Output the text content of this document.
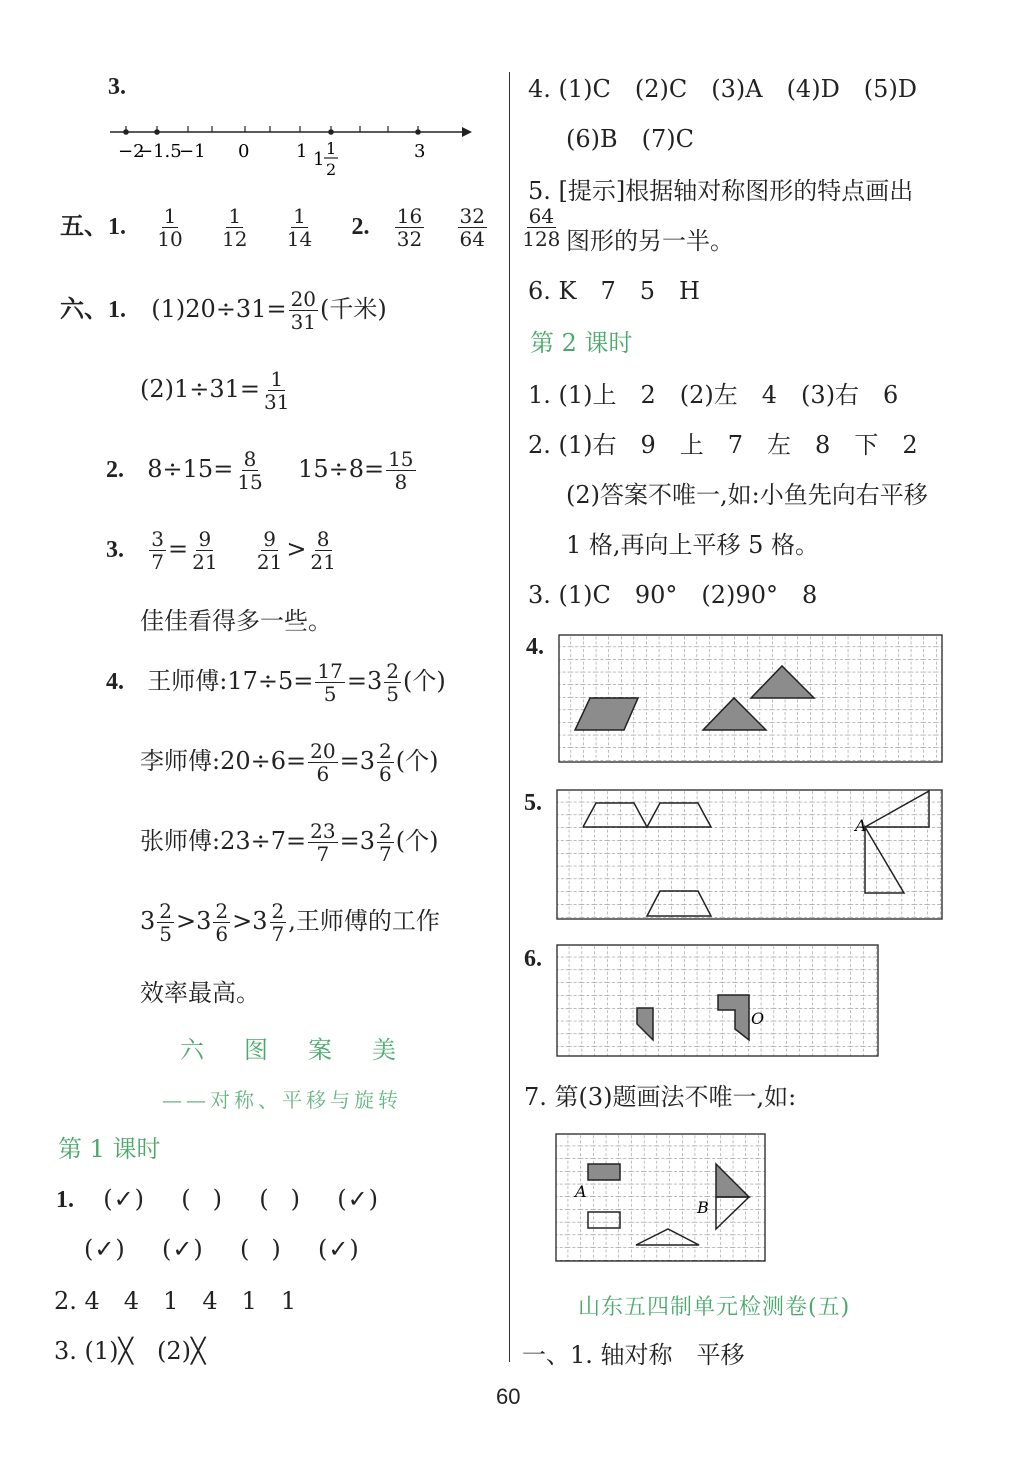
3.
−2
−1.5
−1 0	1 1
1
2
3
五、1. $\frac{1}{10}$
$\frac{1}{12}$
$\frac{1}{14} 2$. $\frac{16}{32}$
$\frac{32}{64}$
$\frac{64}{128}$
六、1. $(1)20\div 31= \frac{20}{31}$ (千米)
$(2)1\div 31= \frac{1}{31}$
2. $8\div 15= \frac{8}{15} 15\div 8= \frac{15}{8}$
3. $\frac{3}{7} = \frac{9}{21}$
$\frac{9}{21} > \frac{8}{21}$
佳佳看得多一些。
4. 王师傅:17÷5= $\frac{17}{5} =3 \frac{2}{5}$ (个)
李师傅:20÷6= $\frac{20}{6} =3 \frac{2}{6}$ (个)
张师傅:23÷7= $\frac{23}{7} =3 \frac{2}{7}$ (个)
$3 \frac{2}{5} >3 \frac{2}{6} >3 \frac{2}{7}$ ,王师傅的工作
效率最高。
六　图　案　美
——对称、平移与旋转
第 1 课时
1.  (✓)  ( )  ( )  (✓)
(✓)  (✓)  ( )  (✓)
2. 4　4　1　4　1　1
3. (1)╳　(2)╳
4. (1)C　(2)C　(3)A　(4)D　(5)D
(6)B　(7)C
5. [提示]根据轴对称图形的特点画出
图形的另一半。
6. K　7　5　H
第 2 课时
1. (1)上　2　(2)左　4　(3)右　6
2. (1)右　9　上　7　左　8　下　2
(2)答案不唯一,如:小鱼先向右平移
1 格,再向上平移 5 格。
3. (1)C　90°　(2)90°　8
4.
5.
A
6.
O
7. 第(3)题画法不唯一,如:
A
B
山东五四制单元检测卷(五)
一、1. 轴对称　平移
60
